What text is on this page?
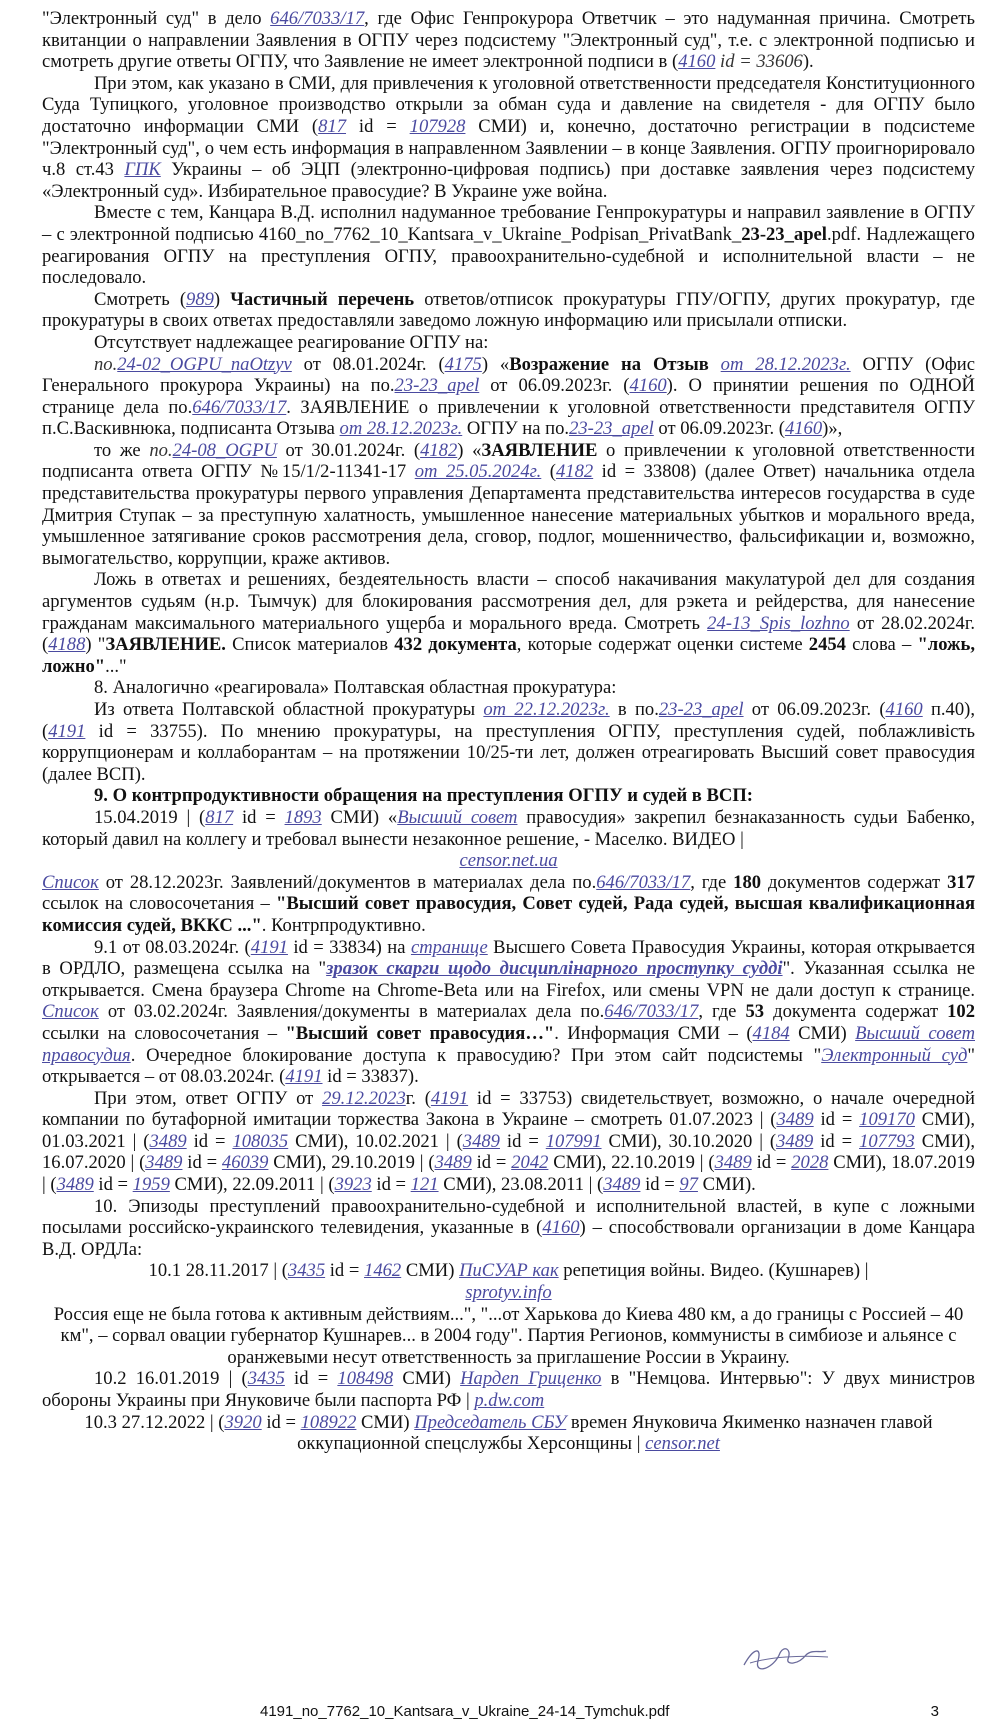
"Электронный суд" в дело 646/7033/17, где Офис Генпрокурора Ответчик – это надуманная причина. Смотреть квитанции о направлении Заявления в ОГПУ через подсистему "Электронный суд", т.е. с электронной подписью и смотреть другие ответы ОГПУ, что Заявление не имеет электронной подписи в (4160 id = 33606).

При этом, как указано в СМИ, для привлечения к уголовной ответственности председателя Конституционного Суда Тупицкого, уголовное производство открыли за обман суда и давление на свидетеля - для ОГПУ было достаточно информации СМИ (817 id = 107928 СМИ) и, конечно, достаточно регистрации в подсистеме "Электронный суд", о чем есть информация в направленном Заявлении – в конце Заявления. ОГПУ проигнорировало ч.8 ст.43 ГПК Украины – об ЭЦП (электронно-цифровая подпись) при доставке заявления через подсистему «Электронный суд». Избирательное правосудие? В Украине уже война.

Вместе с тем, Канцара В.Д. исполнил надуманное требование Генпрокуратуры и направил заявление в ОГПУ – с электронной подписью 4160_no_7762_10_Kantsara_v_Ukraine_Podpisan_PrivatBank_23-23_apel.pdf. Надлежащего реагирования ОГПУ на преступления ОГПУ, правоохранительно-судебной и исполнительной власти – не последовало.

Смотреть (989) Частичный перечень ответов/отписок прокуратуры ГПУ/ОГПУ, других прокуратур, где прокуратуры в своих ответах предоставляли заведомо ложную информацию или присылали отписки.

Отсутствует надлежащее реагирование ОГПУ на:

по.24-02_OGPU_naOtzyv от 08.01.2024г. (4175) «Возражение на Отзыв от 28.12.2023г. ОГПУ (Офис Генерального прокурора Украины) на по.23-23_apel от 06.09.2023г. (4160). О принятии решения по ОДНОЙ странице дела по.646/7033/17. ЗАЯВЛЕНИЕ о привлечении к уголовной ответственности представителя ОГПУ п.С.Васкивнюка, подписанта Отзыва от 28.12.2023г. ОГПУ на по.23-23_apel от 06.09.2023г. (4160)»,

то же по.24-08_OGPU от 30.01.2024г. (4182) «ЗАЯВЛЕНИЕ о привлечении к уголовной ответственности подписанта ответа ОГПУ №15/1/2-11341-17 от 25.05.2024г. (4182 id = 33808) (далее Ответ) начальника отдела представительства прокуратуры первого управления Департамента представительства интересов государства в суде Дмитрия Ступак – за преступную халатность, умышленное нанесение материальных убытков и морального вреда, умышленное затягивание сроков рассмотрения дела, сговор, подлог, мошенничество, фальсификации и, возможно, вымогательство, коррупции, краже активов.

Ложь в ответах и решениях, бездеятельность власти – способ накачивания макулатурой дел для создания аргументов судьям (н.р. Тымчук) для блокирования рассмотрения дел, для рэкета и рейдерства, для нанесение гражданам максимального материального ущерба и морального вреда. Смотреть 24-13_Spis_lozhno от 28.02.2024г. (4188) "ЗАЯВЛЕНИЕ. Список материалов 432 документа, которые содержат оценки системе 2454 слова – "ложь, ложно"..."

8. Аналогично «реагировала» Полтавская областная прокуратура:

Из ответа Полтавской областной прокуратуры от 22.12.2023г. в по.23-23_apel от 06.09.2023г. (4160 п.40), (4191 id = 33755). По мнению прокуратуры, на преступления ОГПУ, преступления судей, поблажливість коррупционерам и коллаборантам – на протяжении 10/25-ти лет, должен отреагировать Высший совет правосудия (далее ВСП).

9. О контрпродуктивности обращения на преступления ОГПУ и судей в ВСП:

15.04.2019 | (817 id = 1893 СМИ) «Высший совет правосудия» закрепил безнаказанность судьи Бабенко, который давил на коллегу и требовал вынести незаконное решение, - Маселко. ВИДЕО |

censor.net.ua

Список от 28.12.2023г. Заявлений/документов в материалах дела по.646/7033/17, где 180 документов содержат 317 ссылок на словосочетания – "Высший совет правосудия, Совет судей, Рада судей, высшая квалификационная комиссия судей, ВККС ...". Контрпродуктивно.

9.1 от 08.03.2024г. (4191 id = 33834) на странице Высшего Совета Правосудия Украины, которая открывается в ОРДЛО, размещена ссылка на "зразок скарги щодо дисциплінарного проступку судді". Указанная ссылка не открывается. Смена браузера Chrome на Chrome-Beta или на Firefox, или смены VPN не дали доступ к странице. Список от 03.02.2024г. Заявления/документы в материалах дела по.646/7033/17, где 53 документа содержат 102 ссылки на словосочетания – "Высший совет правосудия…". Информация СМИ – (4184 СМИ) Высший совет правосудия. Очередное блокирование доступа к правосудию? При этом сайт подсистемы "Электронный суд" открывается – от 08.03.2024г. (4191 id = 33837).

При этом, ответ ОГПУ от 29.12.2023г. (4191 id = 33753) свидетельствует, возможно, о начале очередной компании по бутафорной имитации торжества Закона в Украине – смотреть 01.07.2023 | (3489 id = 109170 СМИ), 01.03.2021 | (3489 id = 108035 СМИ), 10.02.2021 | (3489 id = 107991 СМИ), 30.10.2020 | (3489 id = 107793 СМИ), 16.07.2020 | (3489 id = 46039 СМИ), 29.10.2019 | (3489 id = 2042 СМИ), 22.10.2019 | (3489 id = 2028 СМИ), 18.07.2019 | (3489 id = 1959 СМИ), 22.09.2011 | (3923 id = 121 СМИ), 23.08.2011 | (3489 id = 97 СМИ).

10. Эпизоды преступлений правоохранительно-судебной и исполнительной властей, в купе с ложными посылами российско-украинского телевидения, указанные в (4160) – способствовали организации в доме Канцара В.Д. ОРДЛа:

10.1 28.11.2017 | (3435 id = 1462 СМИ) ПиСУАР как репетиция войны. Видео. (Кушнарев) |

sprotyv.info

Россия еще не была готова к активным действиям...", "...от Харькова до Киева 480 км, а до границы с Россией – 40 км", – сорвал овации губернатор Кушнарев... в 2004 году". Партия Регионов, коммунисты в симбиозе и альянсе с оранжевыми несут ответственность за приглашение России в Украину.

10.2 16.01.2019 | (3435 id = 108498 СМИ) Нардеп Гриценко в "Немцова. Интервью": У двух министров обороны Украины при Януковиче были паспорта РФ | p.dw.com

10.3 27.12.2022 | (3920 id = 108922 СМИ) Председатель СБУ времен Януковича Якименко назначен главой оккупационной спецслужбы Херсонщины | censor.net

4191_no_7762_10_Kantsara_v_Ukraine_24-14_Tymchuk.pdf	3
